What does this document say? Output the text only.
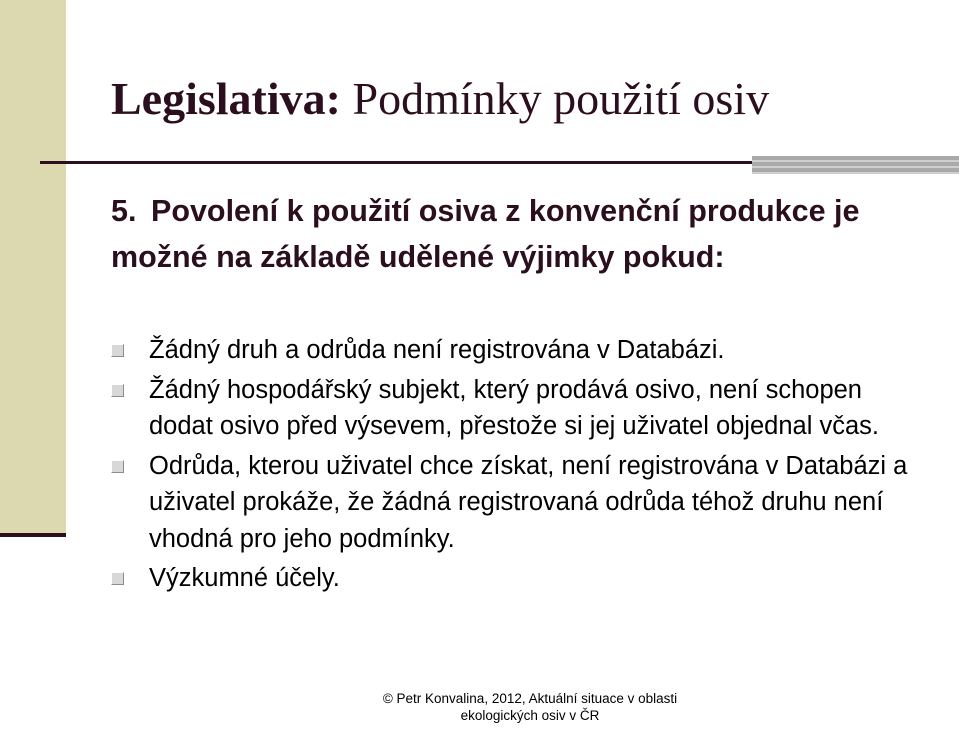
Legislativa: Podmínky použití osiv

5. Povolení k použití osiva z konvenční produkce je možné na základě udělené výjimky pokud:

Žádný druh a odrůda není registrována v Databázi.
Žádný hospodářský subjekt, který prodává osivo, není schopen dodat osivo před výsevem, přestože si jej uživatel objednal včas.
Odrůda, kterou uživatel chce získat, není registrována v Databázi a uživatel prokáže, že žádná registrovaná odrůda téhož druhu není vhodná pro jeho podmínky.
Výzkumné účely.
© Petr Konvalina, 2012, Aktuální situace v oblasti
ekologických osiv v ČR
